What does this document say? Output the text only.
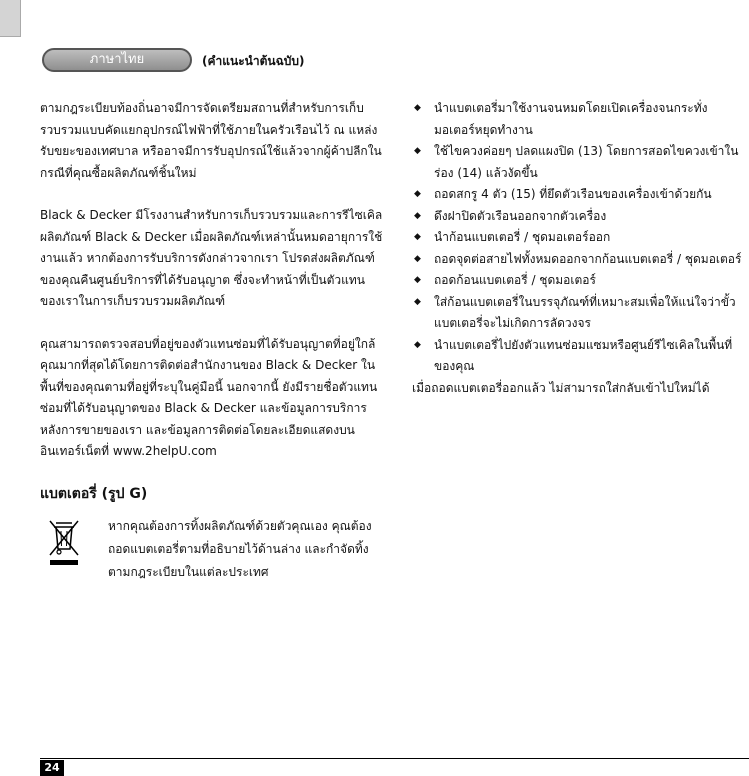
ภาษาไทย	(คำแนะนำต้นฉบับ)

ตามกฎระเบียบท้องถิ่นอาจมีการจัดเตรียมสถานที่สำหรับการเก็บรวบรวมแบบคัดแยกอุปกรณ์ไฟฟ้าที่ใช้ภายในครัวเรือนไว้ ณ แหล่งรับขยะของเทศบาล หรืออาจมีการรับอุปกรณ์ใช้แล้วจากผู้ค้าปลีกในกรณีที่คุณซื้อผลิตภัณฑ์ชิ้นใหม่

Black & Decker มีโรงงานสำหรับการเก็บรวบรวมและการรีไซเคิลผลิตภัณฑ์ Black & Decker เมื่อผลิตภัณฑ์เหล่านั้นหมดอายุการใช้งานแล้ว หากต้องการรับบริการดังกล่าวจากเรา โปรดส่งผลิตภัณฑ์ของคุณคืนศูนย์บริการที่ได้รับอนุญาต ซึ่งจะทำหน้าที่เป็นตัวแทนของเราในการเก็บรวบรวมผลิตภัณฑ์

คุณสามารถตรวจสอบที่อยู่ของตัวแทนซ่อมที่ได้รับอนุญาตที่อยู่ใกล้คุณมากที่สุดได้โดยการติดต่อสำนักงานของ Black & Decker ในพื้นที่ของคุณตามที่อยู่ที่ระบุในคู่มือนี้ นอกจากนี้ ยังมีรายชื่อตัวแทนซ่อมที่ได้รับอนุญาตของ Black & Decker และข้อมูลการบริการหลังการขายของเรา และข้อมูลการติดต่อโดยละเอียดแสดงบนอินเทอร์เน็ตที่ www.2helpU.com

แบตเตอรี่ (รูป G)
หากคุณต้องการทิ้งผลิตภัณฑ์ด้วยตัวคุณเอง คุณต้องถอดแบตเตอรี่ตามที่อธิบายไว้ด้านล่าง และกำจัดทิ้งตามกฎระเบียบในแต่ละประเทศ
◆ นำแบตเตอรี่มาใช้งานจนหมดโดยเปิดเครื่องจนกระทั่งมอเตอร์หยุดทำงาน
◆ ใช้ไขควงค่อยๆ ปลดแผงปิด (13) โดยการสอดไขควงเข้าในร่อง (14) แล้วงัดขึ้น
◆ ถอดสกรู 4 ตัว (15) ที่ยึดตัวเรือนของเครื่องเข้าด้วยกัน
◆ ดึงฝาปิดตัวเรือนออกจากตัวเครื่อง
◆ นำก้อนแบตเตอรี่ / ชุดมอเตอร์ออก
◆ ถอดจุดต่อสายไฟทั้งหมดออกจากก้อนแบตเตอรี่ / ชุดมอเตอร์
◆ ถอดก้อนแบตเตอรี่ / ชุดมอเตอร์
◆ ใส่ก้อนแบตเตอรี่ในบรรจุภัณฑ์ที่เหมาะสมเพื่อให้แน่ใจว่าขั้วแบตเตอรี่จะไม่เกิดการลัดวงจร
◆ นำแบตเตอรี่ไปยังตัวแทนซ่อมแซมหรือศูนย์รีไซเคิลในพื้นที่ของคุณ

เมื่อถอดแบตเตอรี่ออกแล้ว ไม่สามารถใส่กลับเข้าไปใหม่ได้

24
